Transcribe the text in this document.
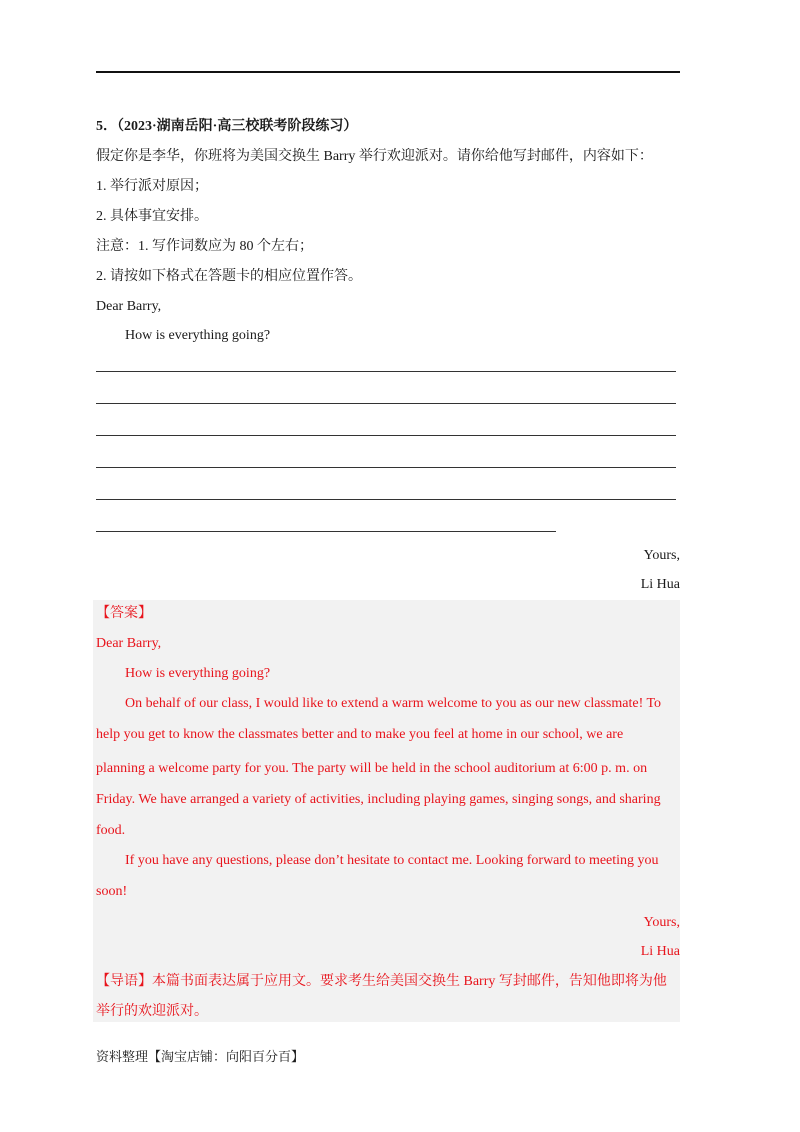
5．（2023·湖南岳阳·高三校联考阶段练习）
假定你是李华，你班将为美国交换生 Barry 举行欢迎派对。请你给他写封邮件，内容如下：
1. 举行派对原因；
2. 具体事宜安排。
注意：1. 写作词数应为 80 个左右；
2. 请按如下格式在答题卡的相应位置作答。
Dear Barry,
How is everything going?
Yours,
Li Hua
【答案】
Dear Barry,
How is everything going?
On behalf of our class, I would like to extend a warm welcome to you as our new classmate! To
help you get to know the classmates better and to make you feel at home in our school, we are
planning a welcome party for you. The party will be held in the school auditorium at 6:00 p. m. on
Friday. We have arranged a variety of activities, including playing games, singing songs, and sharing
food.
If you have any questions, please don’t hesitate to contact me. Looking forward to meeting you
soon!
Yours,
Li Hua
【导语】本篇书面表达属于应用文。要求考生给美国交换生 Barry 写封邮件，告知他即将为他
举行的欢迎派对。
资料整理【淘宝店铺：向阳百分百】
